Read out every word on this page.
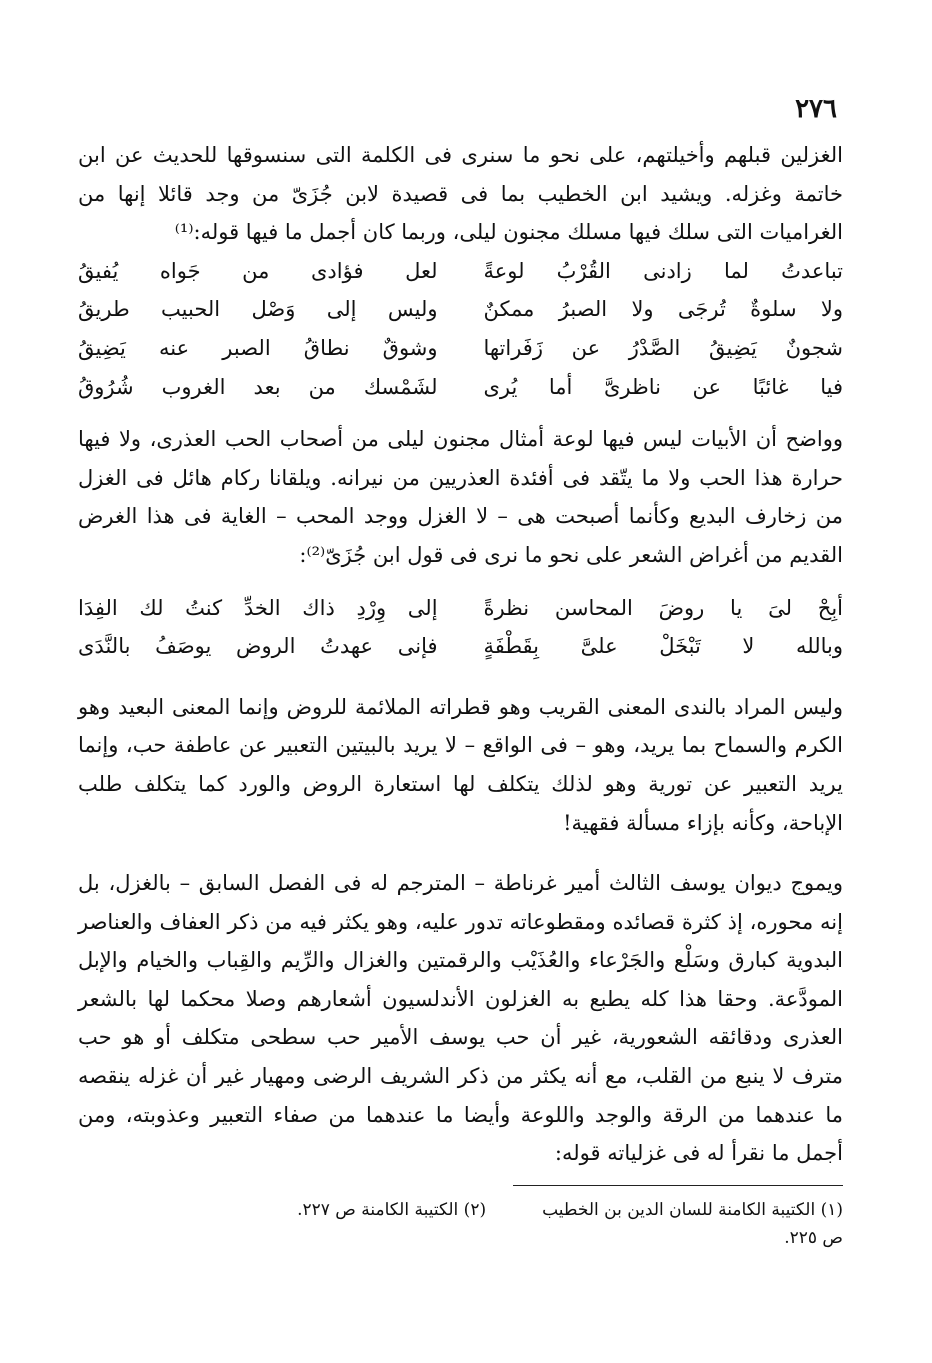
٢٧٦

الغزلين قبلهم وأخيلتهم، على نحو ما سنرى فى الكلمة التى سنسوقها للحديث عن ابن خاتمة وغزله. ويشيد ابن الخطيب بما فى قصيدة لابن جُزَىّ من وجد قائلا إنها من الغراميات التى سلك فيها مسلك مجنون ليلى، وربما كان أجمل ما فيها قوله:⁽¹⁾

تباعدتُ لما زادنى القُرْبُ لوعةً
لعل فؤادى من جَواه يُفيقُ
ولا سلوةٌ تُرجَى ولا الصبرُ ممكنٌ
وليس إلى وَصْل الحبيب طريقُ
شجونٌ يَضِيقُ الصَّدْرُ عن زَفَراتها
وشوقٌ نطاقُ الصبر عنه يَضِيقُ
فيا غائبًا عن ناظرىَّ أما يُرى
لشَمْسك من بعد الغروب شُرُوقُ

وواضح أن الأبيات ليس فيها لوعة أمثال مجنون ليلى من أصحاب الحب العذرى، ولا فيها حرارة هذا الحب ولا ما يتّقد فى أفئدة العذريين من نيرانه. ويلقانا ركام هائل فى الغزل من زخارف البديع وكأنما أصبحت هى – لا الغزل ووجد المحب – الغاية فى هذا الغرض القديم من أغراض الشعر على نحو ما نرى فى قول ابن جُزَىّ⁽²⁾:

أبِحْ لىَ يا روضَ المحاسن نظرةً
إلى وِرْدِ ذاك الخدِّ كنتُ لك الفِدَا
وبالله لا تَبْخَلْ علىَّ بِقَطْفَةٍ
فإنى عهدتُ الروض يوصَفُ بالنَّدَى

وليس المراد بالندى المعنى القريب وهو قطراته الملائمة للروض وإنما المعنى البعيد وهو الكرم والسماح بما يريد، وهو – فى الواقع – لا يريد بالبيتين التعبير عن عاطفة حب، وإنما يريد التعبير عن تورية وهو لذلك يتكلف لها استعارة الروض والورد كما يتكلف طلب الإباحة، وكأنه بإزاء مسألة فقهية!

ويموج ديوان يوسف الثالث أمير غرناطة – المترجم له فى الفصل السابق – بالغزل، بل إنه محوره، إذ كثرة قصائده ومقطوعاته تدور عليه، وهو يكثر فيه من ذكر العفاف والعناصر البدوية كبارق وسَلْع والجَرْعاء والعُذَيْب والرقمتين والغزال والرِّيم والقِباب والخيام والإبل المودَّعة. وحقا هذا كله يطبع به الغزلون الأندلسيون أشعارهم وصلا محكما لها بالشعر العذرى ودقائقه الشعورية، غير أن حب يوسف الأمير حب سطحى متكلف أو هو حب مترف لا ينبع من القلب، مع أنه يكثر من ذكر الشريف الرضى ومهيار غير أن غزله ينقصه ما عندهما من الرقة والوجد واللوعة وأيضا ما عندهما من صفاء التعبير وعذوبته، ومن أجمل ما نقرأ له فى غزلياته قوله:

(١) الكتيبة الكامنة للسان الدين بن الخطيب
(٢) الكتيبة الكامنة ص ٢٢٧.
ص ٢٢٥.
